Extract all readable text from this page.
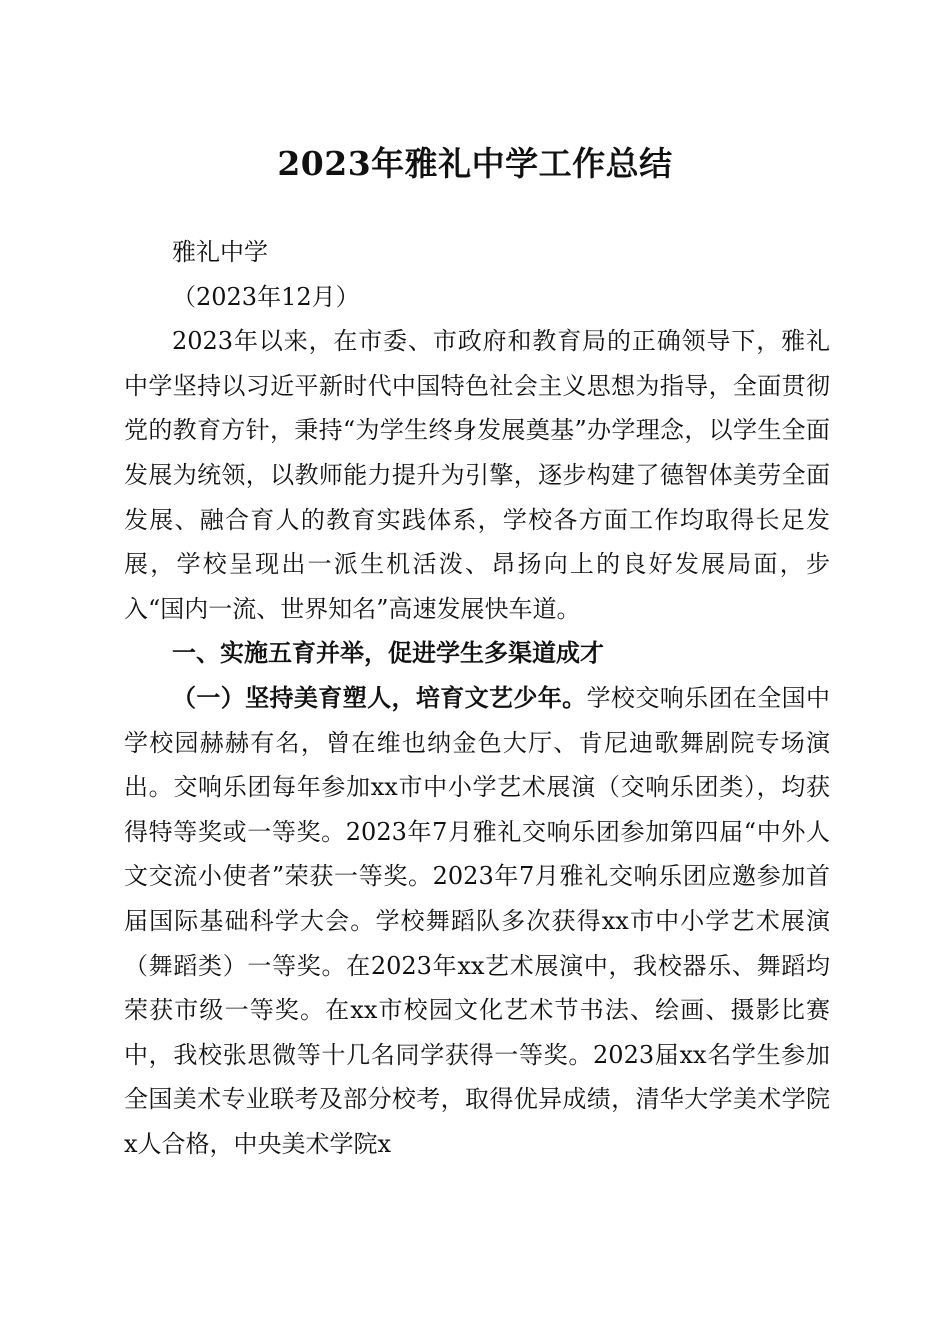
2023年雅礼中学工作总结

雅礼中学

（2023年12月）

2023年以来，在市委、市政府和教育局的正确领导下，雅礼中学坚持以习近平新时代中国特色社会主义思想为指导，全面贯彻党的教育方针，秉持“为学生终身发展奠基”办学理念，以学生全面发展为统领，以教师能力提升为引擎，逐步构建了德智体美劳全面发展、融合育人的教育实践体系，学校各方面工作均取得长足发展，学校呈现出一派生机活泼、昂扬向上的良好发展局面，步入“国内一流、世界知名”高速发展快车道。

一、实施五育并举，促进学生多渠道成才

（一）坚持美育塑人，培育文艺少年。学校交响乐团在全国中学校园赫赫有名，曾在维也纳金色大厅、肯尼迪歌舞剧院专场演出。交响乐团每年参加xx市中小学艺术展演（交响乐团类），均获得特等奖或一等奖。2023年7月雅礼交响乐团参加第四届“中外人文交流小使者”荣获一等奖。2023年7月雅礼交响乐团应邀参加首届国际基础科学大会。学校舞蹈队多次获得xx市中小学艺术展演（舞蹈类）一等奖。在2023年xx艺术展演中，我校器乐、舞蹈均荣获市级一等奖。在xx市校园文化艺术节书法、绘画、摄影比赛中，我校张思微等十几名同学获得一等奖。2023届xx名学生参加全国美术专业联考及部分校考，取得优异成绩，清华大学美术学院x人合格，中央美术学院x
